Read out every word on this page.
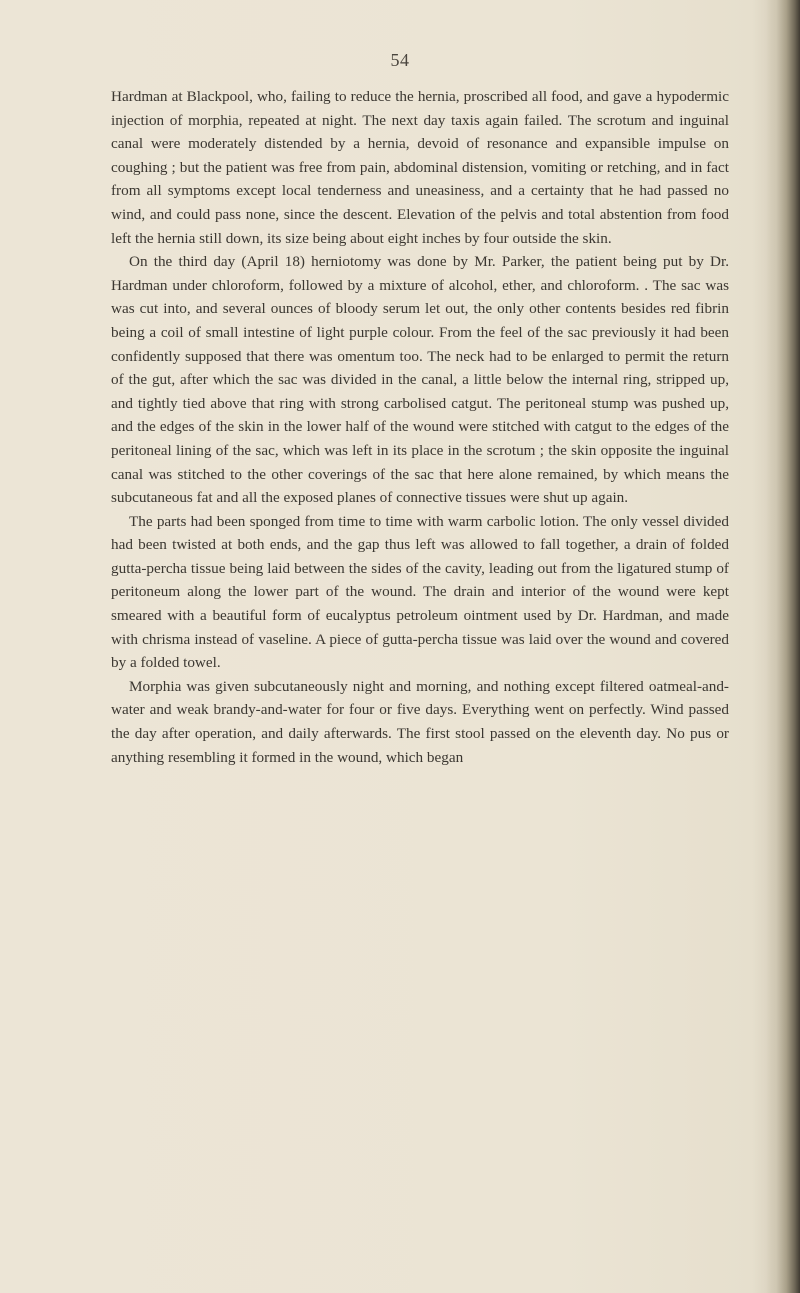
54

Hardman at Blackpool, who, failing to reduce the hernia, proscribed all food, and gave a hypodermic injection of morphia, repeated at night. The next day taxis again failed. The scrotum and inguinal canal were moderately distended by a hernia, devoid of resonance and expansible impulse on coughing ; but the patient was free from pain, abdominal distension, vomiting or retching, and in fact from all symptoms except local tenderness and uneasiness, and a certainty that he had passed no wind, and could pass none, since the descent. Elevation of the pelvis and total abstention from food left the hernia still down, its size being about eight inches by four outside the skin.

On the third day (April 18) herniotomy was done by Mr. Parker, the patient being put by Dr. Hardman under chloroform, followed by a mixture of alcohol, ether, and chloroform. . The sac was was cut into, and several ounces of bloody serum let out, the only other contents besides red fibrin being a coil of small intestine of light purple colour. From the feel of the sac previously it had been confidently supposed that there was omentum too. The neck had to be enlarged to permit the return of the gut, after which the sac was divided in the canal, a little below the internal ring, stripped up, and tightly tied above that ring with strong carbolised catgut. The peritoneal stump was pushed up, and the edges of the skin in the lower half of the wound were stitched with catgut to the edges of the peritoneal lining of the sac, which was left in its place in the scrotum ; the skin opposite the inguinal canal was stitched to the other coverings of the sac that here alone remained, by which means the subcutaneous fat and all the exposed planes of connective tissues were shut up again.

The parts had been sponged from time to time with warm carbolic lotion. The only vessel divided had been twisted at both ends, and the gap thus left was allowed to fall together, a drain of folded gutta-percha tissue being laid between the sides of the cavity, leading out from the ligatured stump of peritoneum along the lower part of the wound. The drain and interior of the wound were kept smeared with a beautiful form of eucalyptus petroleum ointment used by Dr. Hardman, and made with chrisma instead of vaseline. A piece of gutta-percha tissue was laid over the wound and covered by a folded towel.

Morphia was given subcutaneously night and morning, and nothing except filtered oatmeal-and-water and weak brandy-and-water for four or five days. Everything went on perfectly. Wind passed the day after operation, and daily afterwards. The first stool passed on the eleventh day. No pus or anything resembling it formed in the wound, which began
